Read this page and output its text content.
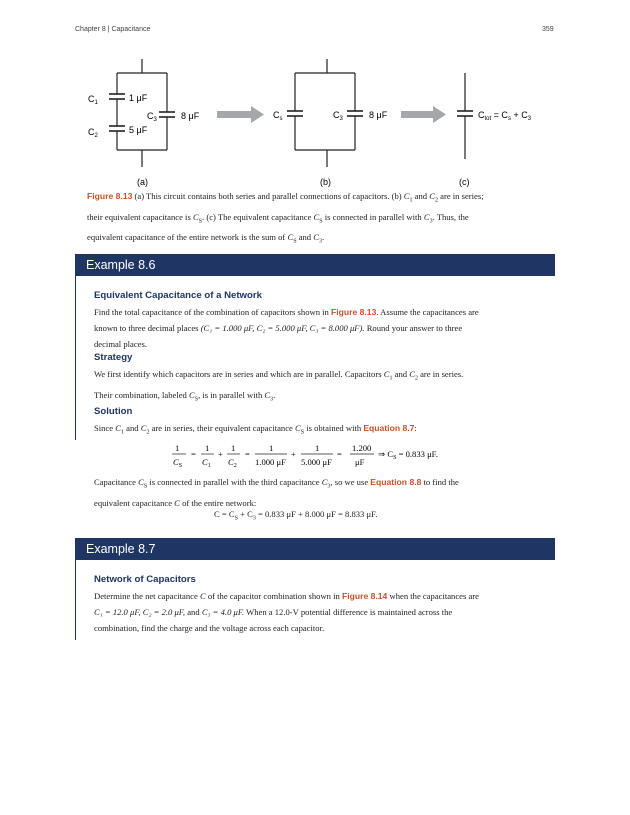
Chapter 8 | Capacitance	359
$C_1$	1 μF
$C_2$
5 μF
$C_3$	8 μF
(a)
$C_s$	$C_3$	8 μF
(b)
$C_{tot} = C_s + C_3$
(c)
Figure 8.13 (a) This circuit contains both series and parallel connections of capacitors. (b) $C_1$ and $C_2$ are in series;
their equivalent capacitance is $C_S$. (c) The equivalent capacitance $C_S$ is connected in parallel with $C_3$. Thus, the
equivalent capacitance of the entire network is the sum of $C_S$ and $C_3$.
Example 8.6
Equivalent Capacitance of a Network
Find the total capacitance of the combination of capacitors shown in Figure 8.13. Assume the capacitances are
known to three decimal places (C₁ = 1.000 μF, C₂ = 5.000 μF, C₃ = 8.000 μF). Round your answer to three
decimal places.
Strategy
We first identify which capacitors are in series and which are in parallel. Capacitors $C_1$ and $C_2$ are in series.
Their combination, labeled $C_S$, is in parallel with $C_3$.
Solution
Since $C_1$ and $C_2$ are in series, their equivalent capacitance $C_S$ is obtained with Equation 8.7:
1
$C_S$
=
1
$C_1$
+
1
$C_2$
=
1
1.000 μF
+
1
5.000 μF
=
1.200
μF
⇒ $C_S = 0.833$ μF.
Capacitance $C_S$ is connected in parallel with the third capacitance $C_3$, so we use Equation 8.8 to find the
equivalent capacitance C of the entire network:
$C = C_S + C_3 = 0.833$ μF + 8.000 μF = 8.833 μF.
Example 8.7
Network of Capacitors
Determine the net capacitance C of the capacitor combination shown in Figure 8.14 when the capacitances are
C₁ = 12.0 μF, C₂ = 2.0 μF, and C₃ = 4.0 μF. When a 12.0-V potential difference is maintained across the
combination, find the charge and the voltage across each capacitor.
